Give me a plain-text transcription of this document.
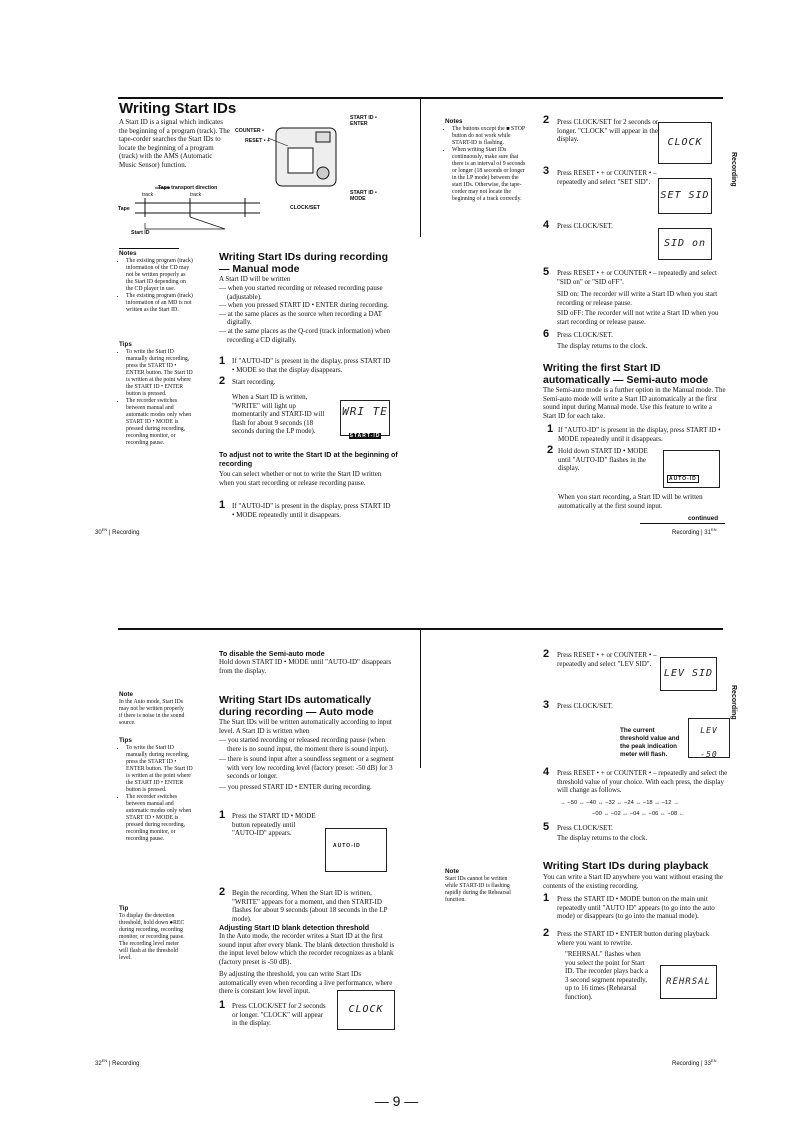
Writing Start IDs
A Start ID is a signal which indicates the beginning of a program (track). The tape-corder searches the Start IDs to locate the beginning of a program (track) with the AMS (Automatic Music Sensor) function.
Tape transport direction
track	track
Tape
Start ID
COUNTER •
RESET • +
START ID • ENTER
START ID • MODE
CLOCK/SET
Notes
• The existing program (track) information of the CD may not be written properly as the Start ID depending on the CD player in use.
• The existing program (track) information of an MD is not written as the Start ID.
Tips
• To write the Start ID manually during recording, press the START ID • ENTER button. The Start ID is written at the point where the START ID • ENTER button is pressed.
• The recorder switches between manual and automatic modes only when START ID • MODE is pressed during recording, recording monitor, or recording pause.
Writing Start IDs during recording — Manual mode
A Start ID will be written
— when you started recording or released recording pause (adjustable).
— when you pressed START ID • ENTER during recording.
— at the same places as the source when recording a DAT digitally.
— at the same places as the Q-cord (track information) when recording a CD digitally.
1 If "AUTO-ID" is present in the display, press START ID • MODE so that the display disappears.
2 Start recording.
When a Start ID is written, "WRITE" will light up momentarily and START-ID will flash for about 9 seconds (18 seconds during the LP mode).
WRI TE
START-ID
To adjust not to write the Start ID at the beginning of recording
You can select whether or not to write the Start ID written when you start recording or release recording pause.
1 If "AUTO-ID" is present in the display, press START ID • MODE repeatedly until it disappears.
$30^{EN}$ | Recording
Notes
• The buttons except the ■ STOP button do not work while START-ID is flashing.
• When writing Start IDs continuously, make sure that there is an interval of 9 seconds or longer (18 seconds or longer in the LP mode) between the start IDs. Otherwise, the tape-corder may not locate the beginning of a track correctly.
2 Press CLOCK/SET for 2 seconds or longer. "CLOCK" will appear in the display.	CLOCK
3 Press RESET • + or COUNTER • – repeatedly and select "SET SID".
SET SID
4 Press CLOCK/SET.
SID on
5 Press RESET • + or COUNTER • – repeatedly and select "SID on" or "SID oFF".
SID on: The recorder will write a Start ID when you start recording or release pause.
SID oFF: The recorder will not write a Start ID when you start recording or release pause.
6 Press CLOCK/SET.
The display returns to the clock.
Writing the first Start ID automatically — Semi-auto mode
The Semi-auto mode is a further option in the Manual mode. The Semi-auto mode will write a Start ID automatically at the first sound input during Manual mode. Use this feature to write a Start ID for each take.
1 If "AUTO-ID" is present in the display, press START ID • MODE repeatedly until it disappears.
2 Hold down START ID • MODE until "AUTO-ID" flashes in the display.
AUTO-ID
When you start recording, a Start ID will be written automatically at the first sound input.
continued
Recording | $31^{EN}$
Recording
To disable the Semi-auto mode
Hold down START ID • MODE until "AUTO-ID" disappears from the display.
Note
In the Auto mode, Start IDs may not be written properly if there is noise in the sound source.
Tips
• To write the Start ID manually during recording, press the START ID • ENTER button. The Start ID is written at the point where the START ID • ENTER button is pressed.
• The recorder switches between manual and automatic modes only when START ID • MODE is pressed during recording, recording monitor, or recording pause.
Tip
To display the detection threshold, hold down ●REC during recording, recording monitor, or recording pause. The recording level meter will flash at the threshold level.
Writing Start IDs automatically during recording — Auto mode
The Start IDs will be written automatically according to input level. A Start ID is written when
— you started recording or released recording pause (when there is no sound input, the moment there is sound input).
— there is sound input after a soundless segment or a segment with very low recording level (factory preset: -50 dB) for 3 seconds or longer.
— you pressed START ID • ENTER during recording.
1 Press the START ID • MODE button repeatedly until "AUTO-ID" appears.
AUTO-ID
2 Begin the recording. When the Start ID is written, "WRITE" appears for a moment, and then START-ID flashes for about 9 seconds (about 18 seconds in the LP mode).
Adjusting Start ID blank detection threshold
In the Auto mode, the recorder writes a Start ID at the first sound input after every blank. The blank detection threshold is the input level below which the recorder recognizes as a blank (factory preset is -50 dB).
By adjusting the threshold, you can write Start IDs automatically even when recording a live performance, where there is constant low level input.
1 Press CLOCK/SET for 2 seconds or longer. "CLOCK" will appear in the display.
CLOCK
$32^{EN}$ | Recording
2 Press RESET • + or COUNTER • – repeatedly and select "LEV SID".
LEV SID
3 Press CLOCK/SET.
The current threshold value and the peak indication meter will flash.
LEV -50
4 Press RESET • + or COUNTER • – repeatedly and select the threshold value of your choice. With each press, the display will change as follows.
→ −50 ↔ −40 ↔ −32 ↔ −24 ↔ −18 ↔ −12 →
−00 ↔ −02 ↔ −04 ↔ −06 ↔ −08 ←
5 Press CLOCK/SET.
The display returns to the clock.
Note
Start IDs cannot be written while START-ID is flashing rapidly during the Rehearsal function.
Writing Start IDs during playback
You can write a Start ID anywhere you want without erasing the contents of the existing recording.
1 Press the START ID • MODE button on the main unit repeatedly until "AUTO ID" appears (to go into the auto mode) or disappears (to go into the manual mode).
2 Press the START ID • ENTER button during playback where you want to rewrite.
"REHRSAL" flashes when you select the point for Start ID. The recorder plays back a 3 second segment repeatedly, up to 16 times (Rehearsal function).
REHRSAL
Recording | $33^{EN}$
Recording
— 9 —
